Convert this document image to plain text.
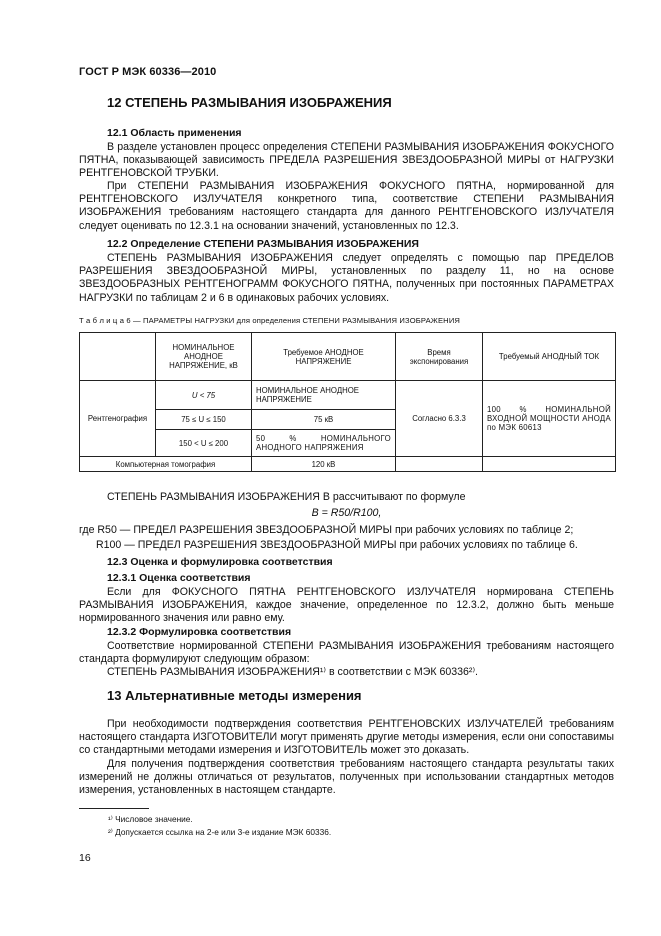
ГОСТ Р МЭК 60336—2010
12 СТЕПЕНЬ РАЗМЫВАНИЯ ИЗОБРАЖЕНИЯ
12.1 Область применения
В разделе установлен процесс определения СТЕПЕНИ РАЗМЫВАНИЯ ИЗОБРАЖЕНИЯ ФОКУСНОГО ПЯТНА, показывающей зависимость ПРЕДЕЛА РАЗРЕШЕНИЯ ЗВЕЗДООБРАЗНОЙ МИРЫ от НАГРУЗКИ РЕНТГЕНОВСКОЙ ТРУБКИ.
При СТЕПЕНИ РАЗМЫВАНИЯ ИЗОБРАЖЕНИЯ ФОКУСНОГО ПЯТНА, нормированной для РЕНТГЕНОВСКОГО ИЗЛУЧАТЕЛЯ конкретного типа, соответствие СТЕПЕНИ РАЗМЫВАНИЯ ИЗОБРАЖЕНИЯ требованиям настоящего стандарта для данного РЕНТГЕНОВСКОГО ИЗЛУЧАТЕЛЯ следует оценивать по 12.3.1 на основании значений, установленных по 12.3.
12.2 Определение СТЕПЕНИ РАЗМЫВАНИЯ ИЗОБРАЖЕНИЯ
СТЕПЕНЬ РАЗМЫВАНИЯ ИЗОБРАЖЕНИЯ следует определять с помощью пар ПРЕДЕЛОВ РАЗРЕШЕНИЯ ЗВЕЗДООБРАЗНОЙ МИРЫ, установленных по разделу 11, но на основе ЗВЕЗДООБРАЗНЫХ РЕНТГЕНОГРАММ ФОКУСНОГО ПЯТНА, полученных при постоянных ПАРАМЕТРАХ НАГРУЗКИ по таблицам 2 и 6 в одинаковых рабочих условиях.
Т а б л и ц а 6 — ПАРАМЕТРЫ НАГРУЗКИ для определения СТЕПЕНИ РАЗМЫВАНИЯ ИЗОБРАЖЕНИЯ
	НОМИНАЛЬНОЕ АНОДНОЕ НАПРЯЖЕНИЕ, кВ	Требуемое АНОДНОЕ НАПРЯЖЕНИЕ	Время экспонирования	Требуемый АНОДНЫЙ ТОК
Рентгенография	U < 75	НОМИНАЛЬНОЕ АНОДНОЕ НАПРЯЖЕНИЕ	Согласно 6.3.3	100 % НОМИНАЛЬНОЙ ВХОДНОЙ МОЩНОСТИ АНОДА по МЭК 60613
	75 ≤ U ≤ 150	75 кВ		
	150 < U ≤ 200	50 % НОМИНАЛЬНОГО АНОДНОГО НАПРЯЖЕНИЯ		
Компьютерная томография		120 кВ		
СТЕПЕНЬ РАЗМЫВАНИЯ ИЗОБРАЖЕНИЯ B рассчитывают по формуле
B = R50/R100,
где R50 — ПРЕДЕЛ РАЗРЕШЕНИЯ ЗВЕЗДООБРАЗНОЙ МИРЫ при рабочих условиях по таблице 2;
R100 — ПРЕДЕЛ РАЗРЕШЕНИЯ ЗВЕЗДООБРАЗНОЙ МИРЫ при рабочих условиях по таблице 6.
12.3 Оценка и формулировка соответствия
12.3.1 Оценка соответствия
Если для ФОКУСНОГО ПЯТНА РЕНТГЕНОВСКОГО ИЗЛУЧАТЕЛЯ нормирована СТЕПЕНЬ РАЗМЫВАНИЯ ИЗОБРАЖЕНИЯ, каждое значение, определенное по 12.3.2, должно быть меньше нормированного значения или равно ему.
12.3.2 Формулировка соответствия
Соответствие нормированной СТЕПЕНИ РАЗМЫВАНИЯ ИЗОБРАЖЕНИЯ требованиям настоящего стандарта формулируют следующим образом:
СТЕПЕНЬ РАЗМЫВАНИЯ ИЗОБРАЖЕНИЯ¹⁾ в соответствии с МЭК 60336²⁾.
13 Альтернативные методы измерения
При необходимости подтверждения соответствия РЕНТГЕНОВСКИХ ИЗЛУЧАТЕЛЕЙ требованиям настоящего стандарта ИЗГОТОВИТЕЛИ могут применять другие методы измерения, если они сопоставимы со стандартными методами измерения и ИЗГОТОВИТЕЛЬ может это доказать.
Для получения подтверждения соответствия требованиям настоящего стандарта результаты таких измерений не должны отличаться от результатов, полученных при использовании стандартных методов измерения, установленных в настоящем стандарте.
¹⁾ Числовое значение.
²⁾ Допускается ссылка на 2-е или 3-е издание МЭК 60336.
16
